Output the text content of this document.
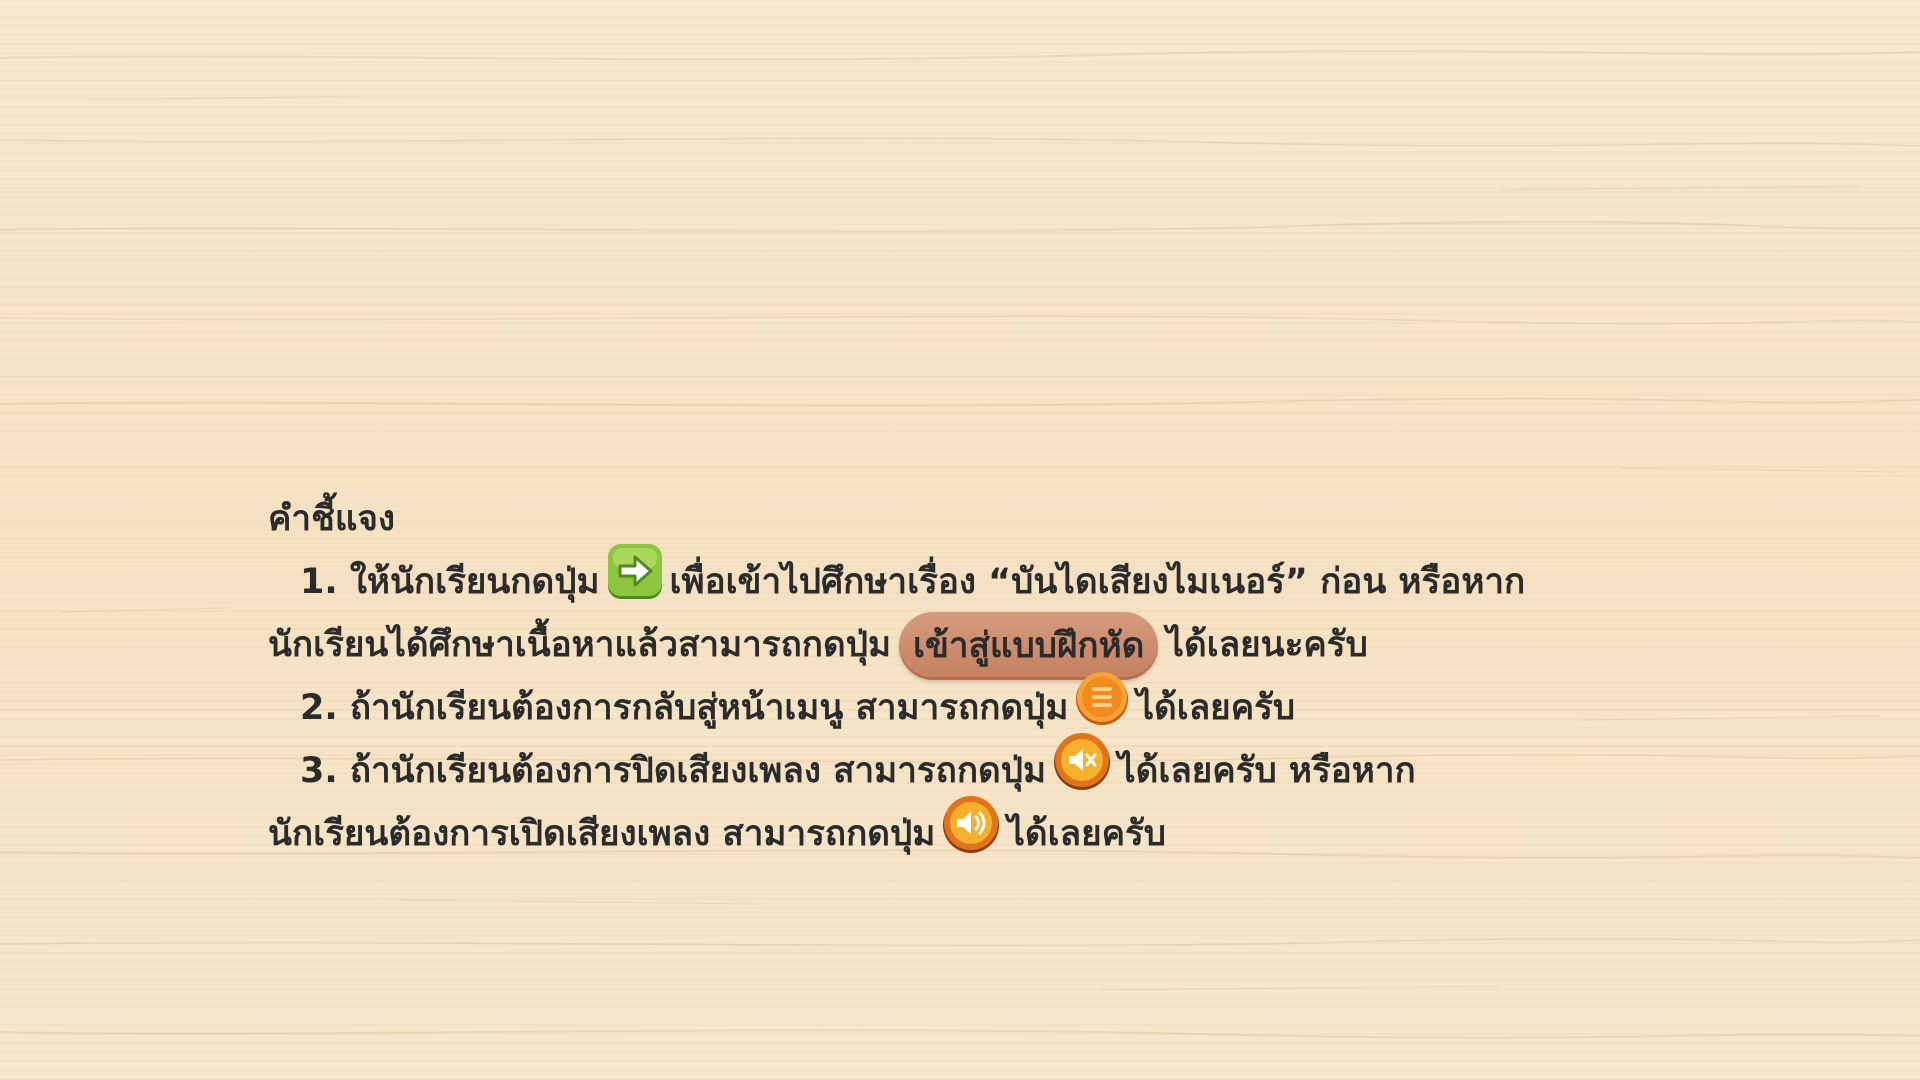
คำชี้แจง
1. ให้นักเรียนกดปุ่ม เพื่อเข้าไปศึกษาเรื่อง “บันไดเสียงไมเนอร์” ก่อน หรือหาก
นักเรียนได้ศึกษาเนื้อหาแล้วสามารถกดปุ่ม เข้าสู่แบบฝึกหัด ได้เลยนะครับ
2. ถ้านักเรียนต้องการกลับสู่หน้าเมนู สามารถกดปุ่ม ได้เลยครับ
3. ถ้านักเรียนต้องการปิดเสียงเพลง สามารถกดปุ่ม ได้เลยครับ หรือหาก
นักเรียนต้องการเปิดเสียงเพลง สามารถกดปุ่ม ได้เลยครับ
